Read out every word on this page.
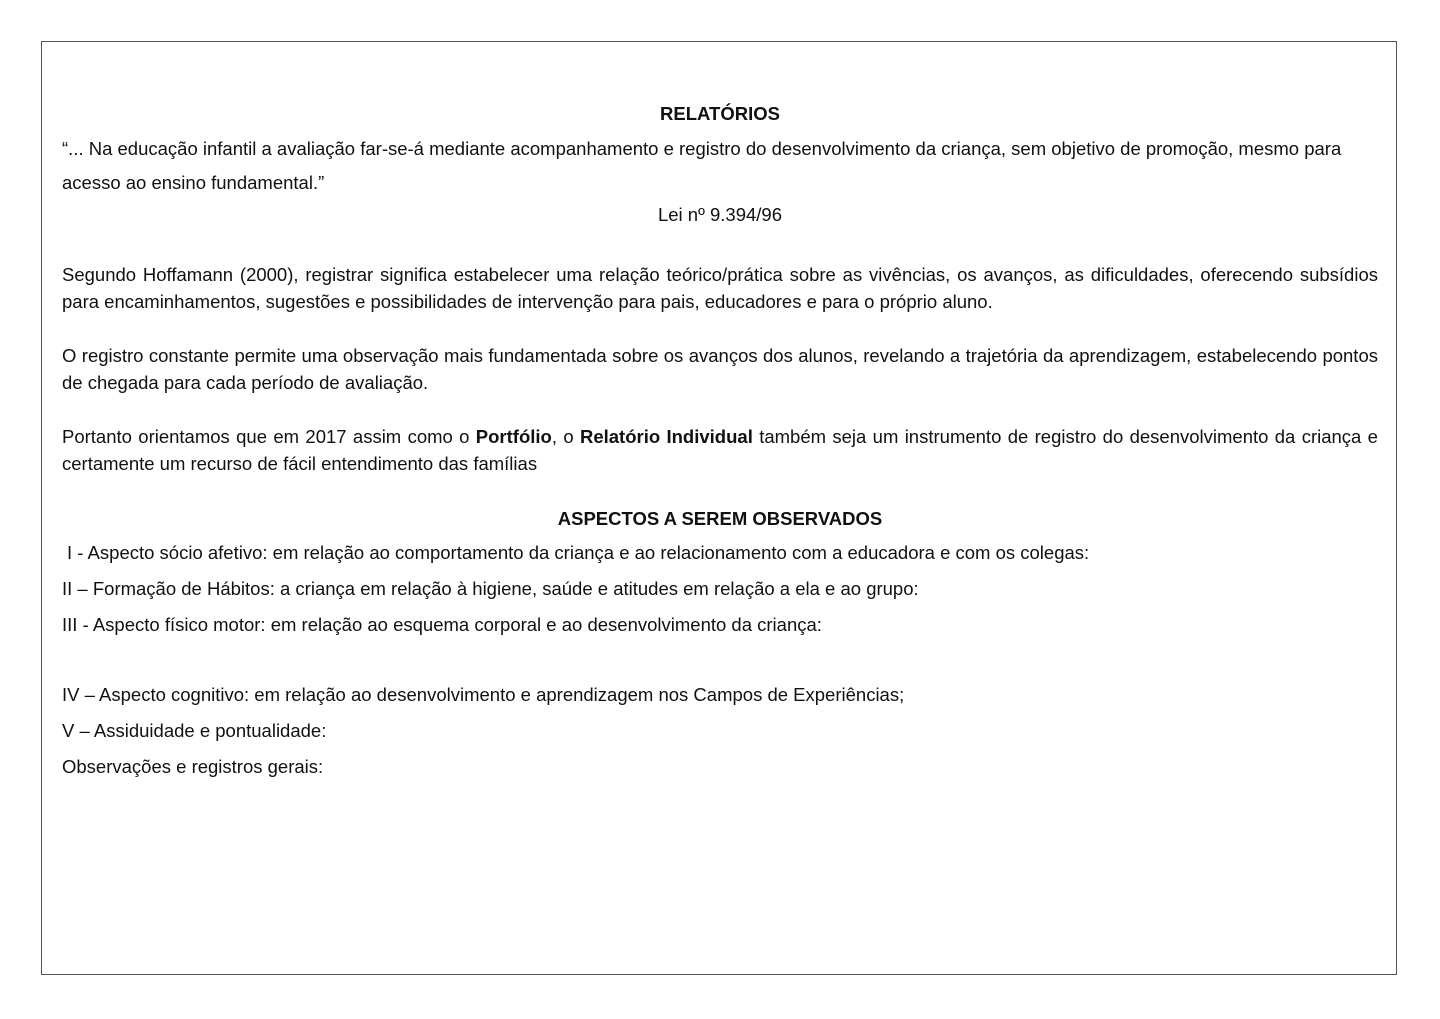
RELATÓRIOS

“... Na educação infantil a avaliação far-se-á mediante acompanhamento e registro do desenvolvimento da criança, sem objetivo de promoção, mesmo para acesso ao ensino fundamental.”

Lei nº 9.394/96

Segundo Hoffamann (2000), registrar significa estabelecer uma relação teórico/prática sobre as vivências, os avanços, as dificuldades, oferecendo subsídios para encaminhamentos, sugestões e possibilidades de intervenção para pais, educadores e para o próprio aluno.

O registro constante permite uma observação mais fundamentada sobre os avanços dos alunos, revelando a trajetória da aprendizagem, estabelecendo pontos de chegada para cada período de avaliação.

Portanto orientamos que em 2017 assim como o Portfólio, o Relatório Individual também seja um instrumento de registro do desenvolvimento da criança e certamente um recurso de fácil entendimento das famílias

ASPECTOS A SEREM OBSERVADOS

I - Aspecto sócio afetivo: em relação ao comportamento da criança e ao relacionamento com a educadora e com os colegas:

II – Formação de Hábitos: a criança em relação à higiene, saúde e atitudes em relação a ela e ao grupo:

III - Aspecto físico motor: em relação ao esquema corporal e ao desenvolvimento da criança:

IV – Aspecto cognitivo: em relação ao desenvolvimento e aprendizagem nos Campos de Experiências;

V – Assiduidade e pontualidade:

Observações e registros gerais:
